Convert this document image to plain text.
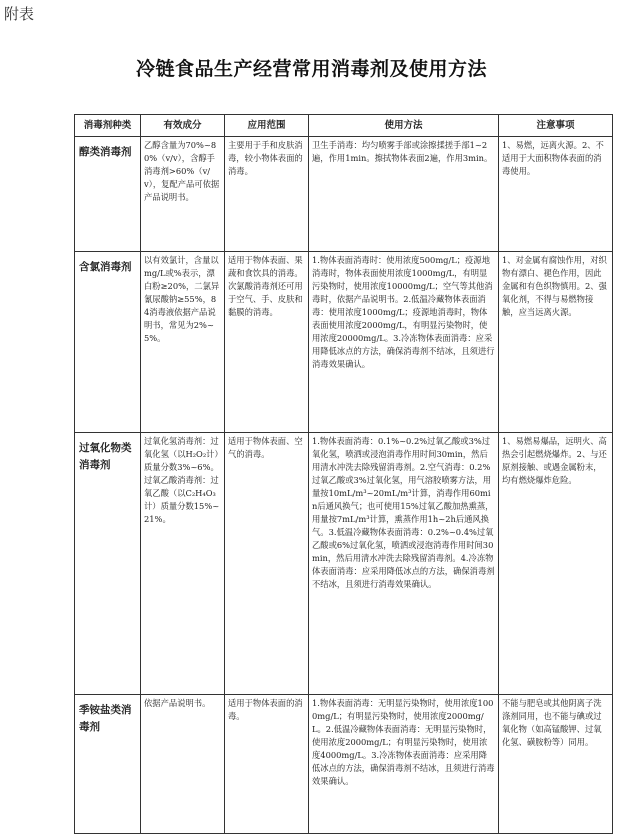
附表
冷链食品生产经营常用消毒剂及使用方法
消毒剂种类	有效成分	应用范围	使用方法	注意事项

醇类消毒剂	乙醇含量为70%~80%（v/v），含醇手消毒剂>60%（v/v），复配产品可依据产品说明书。	主要用于手和皮肤消毒，较小物体表面的消毒。	卫生手消毒：均匀喷雾手部或涂擦揉搓手部1~2遍，作用1min。擦拭物体表面2遍，作用3min。	1、易燃，远离火源。2、不适用于大面积物体表面的消毒使用。

含氯消毒剂	以有效氯计，含量以mg/L或%表示，漂白粉≥20%，二氯异氰尿酸钠≥55%，84消毒液依据产品说明书，常见为2%~5%。	适用于物体表面、果蔬和食饮具的消毒。次氯酸消毒剂还可用于空气、手、皮肤和黏膜的消毒。	1.物体表面消毒时：使用浓度500mg/L；疫源地消毒时，物体表面使用浓度1000mg/L，有明显污染物时，使用浓度10000mg/L；空气等其他消毒时，依据产品说明书。2.低温冷藏物体表面消毒：使用浓度1000mg/L；疫源地消毒时，物体表面使用浓度2000mg/L，有明显污染物时，使用浓度20000mg/L。3.冷冻物体表面消毒：应采用降低冰点的方法，确保消毒剂不结冰，且须进行消毒效果确认。	1、对金属有腐蚀作用，对织物有漂白、褪色作用，因此金属和有色织物慎用。2、强氧化剂，不得与易燃物接触，应当远离火源。

过氧化物类
消毒剂	过氧化氢消毒剂：过氧化氢（以H₂O₂计）质量分数3%~6%。过氧乙酸消毒剂：过氧乙酸（以C₂H₄O₃计）质量分数15%~21%。	适用于物体表面、空气的消毒。	1.物体表面消毒：0.1%~0.2%过氧乙酸或3%过氧化氢，喷洒或浸泡消毒作用时间30min，然后用清水冲洗去除残留消毒剂。2.空气消毒：0.2%过氧乙酸或3%过氧化氢，用气溶胶喷雾方法，用量按10mL/m³~20mL/m³计算，消毒作用60min后通风换气；也可使用15%过氧乙酸加热熏蒸，用量按7mL/m³计算，熏蒸作用1h~2h后通风换气。3.低温冷藏物体表面消毒：0.2%~0.4%过氧乙酸或6%过氧化氢，喷洒或浸泡消毒作用时间30min，然后用清水冲洗去除残留消毒剂。4.冷冻物体表面消毒：应采用降低冰点的方法，确保消毒剂不结冰，且须进行消毒效果确认。	1、易燃易爆品，远明火、高热会引起燃烧爆炸。2、与还原剂接触、或遇金属粉末，均有燃烧爆炸危险。

季铵盐类消
毒剂	依据产品说明书。	适用于物体表面的消毒。	1.物体表面消毒：无明显污染物时，使用浓度1000mg/L；有明显污染物时，使用浓度2000mg/L。2.低温冷藏物体表面消毒：无明显污染物时，使用浓度2000mg/L；有明显污染物时，使用浓度4000mg/L。3.冷冻物体表面消毒：应采用降低冰点的方法，确保消毒剂不结冰，且须进行消毒效果确认。	不能与肥皂或其他阴离子洗涤剂同用，也不能与碘或过氧化物（如高锰酸钾、过氧化氢、磺胺粉等）同用。
